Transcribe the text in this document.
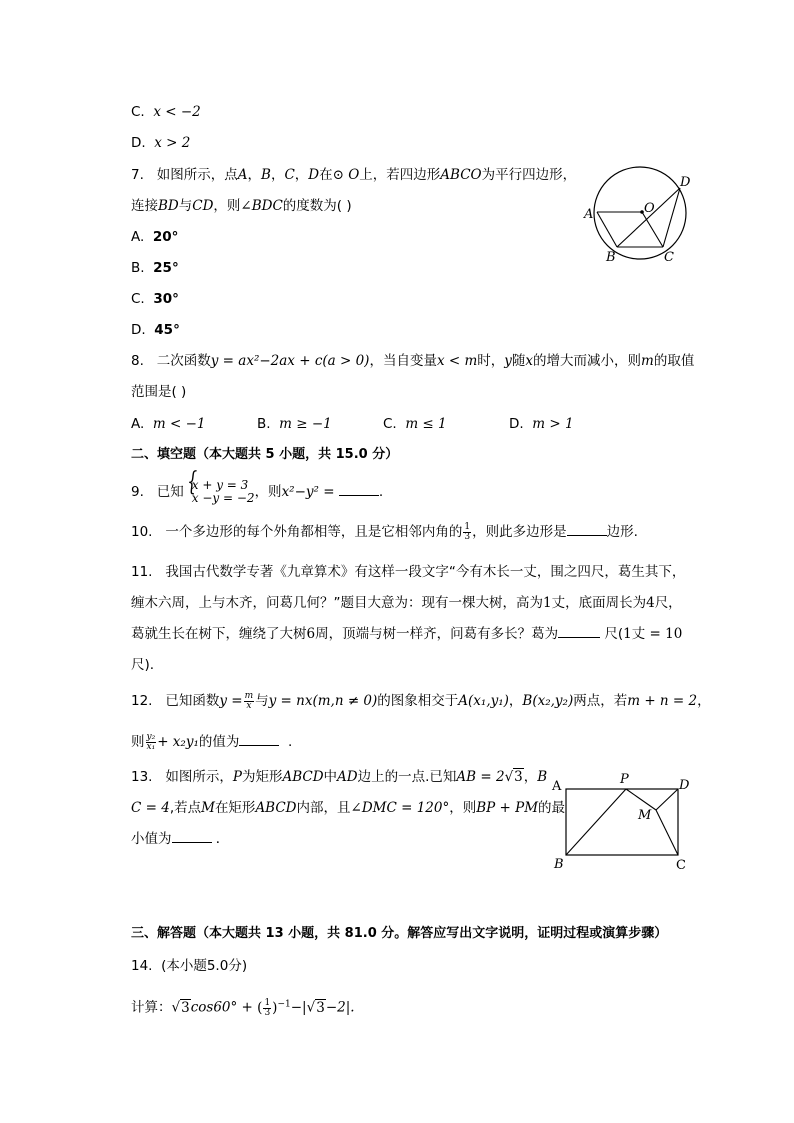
C. x < −2
D. x > 2
7. 如图所示，点A，B，C，D在⊙ O上，若四边形ABCO为平行四边形，
连接BD与CD，则∠BDC的度数为( )
A. 20°
B. 25°
C. 30°
D. 45°
A
B	C
D
O
8. 二次函数y = ax²−2ax + c(a > 0)，当自变量x < m时，y随x的增大而减小，则m的取值
范围是( )
A. m < −1	B. m ≥ −1	C. m ≤ 1	D. m > 1
二、填空题（本大题共 5 小题，共 15.0 分）
9. 已知
{ x + y = 3
x −y = −2 ，则x²−y² =	.
10. 一个多边形的每个外角都相等，且是它相邻内角的 $\frac{1}{3}$ ，则此多边形是	边形.
11. 我国古代数学专著《九章算术》有这样一段文字“今有木长一丈，围之四尺，葛生其下，
缠木六周，上与木齐，问葛几何？”题目大意为：现有一棵大树，高为1丈，底面周长为4尺，
葛就生长在树下，缠绕了大树6周，顶端与树一样齐，问葛有多长？葛为	尺(1丈 = 10
尺).
12. 已知函数$y = \frac{m}{x}$ 与y = nx(m,n ≠ 0)的图象相交于A(x₁,y₁)，B(x₂,y₂)两点，若m + n = 2，
则 $\frac{\text{y₂}}{\text{x₁}} + x_2y_1$的值为	.
13. 如图所示，P为矩形ABCD中AD边上的一点.已知AB = 2√3，B
C = 4,若点M在矩形ABCD内部，且∠DMC = 120°，则BP + PM的最
小值为	．
A	P	D
M
B	C
三、解答题（本大题共 13 小题，共 81.0 分。解答应写出文字说明，证明过程或演算步骤）
14. (本小题5.0分)
计算：√3cos60° + ( $\frac{1}{3} )^{-1}-|√3-2|$.
